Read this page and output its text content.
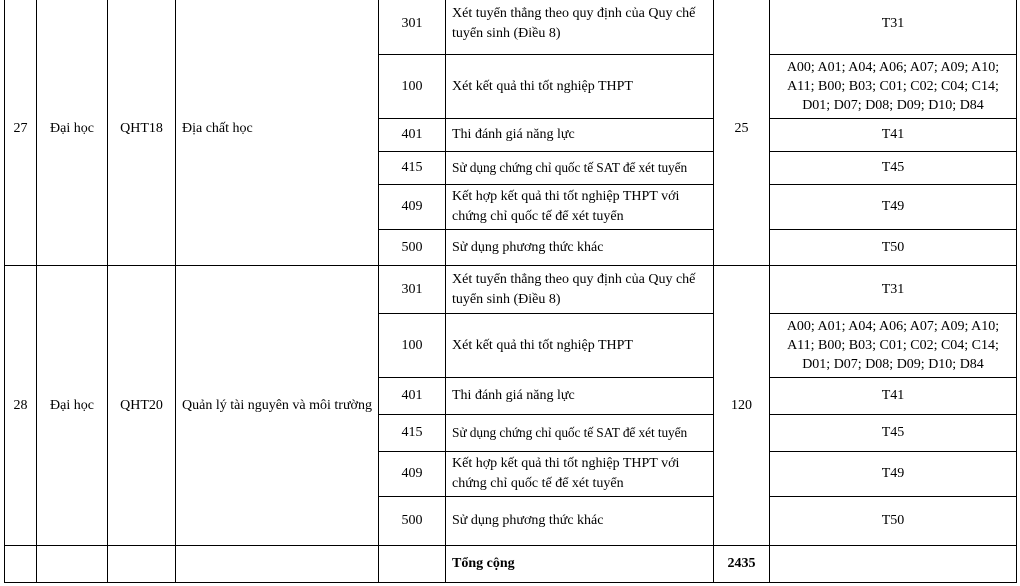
27	Đại học	QHT18	Địa chất học	301	Xét tuyển thẳng theo quy định của Quy chế tuyển sinh (Điều 8)	25	T31
				100	Xét kết quả thi tốt nghiệp THPT		A00; A01; A04; A06; A07; A09; A10; A11; B00; B03; C01; C02; C04; C14; D01; D07; D08; D09; D10; D84
				401	Thi đánh giá năng lực		T41
				415	Sử dụng chứng chỉ quốc tế SAT để xét tuyển		T45
				409	Kết hợp kết quả thi tốt nghiệp THPT với chứng chỉ quốc tế để xét tuyển		T49
				500	Sử dụng phương thức khác		T50
28	Đại học	QHT20	Quản lý tài nguyên và môi trường	301	Xét tuyển thẳng theo quy định của Quy chế tuyển sinh (Điều 8)	120	T31
				100	Xét kết quả thi tốt nghiệp THPT		A00; A01; A04; A06; A07; A09; A10; A11; B00; B03; C01; C02; C04; C14; D01; D07; D08; D09; D10; D84
				401	Thi đánh giá năng lực		T41
				415	Sử dụng chứng chỉ quốc tế SAT để xét tuyển		T45
				409	Kết hợp kết quả thi tốt nghiệp THPT với chứng chỉ quốc tế để xét tuyển		T49
				500	Sử dụng phương thức khác		T50
					Tổng cộng	2435	
